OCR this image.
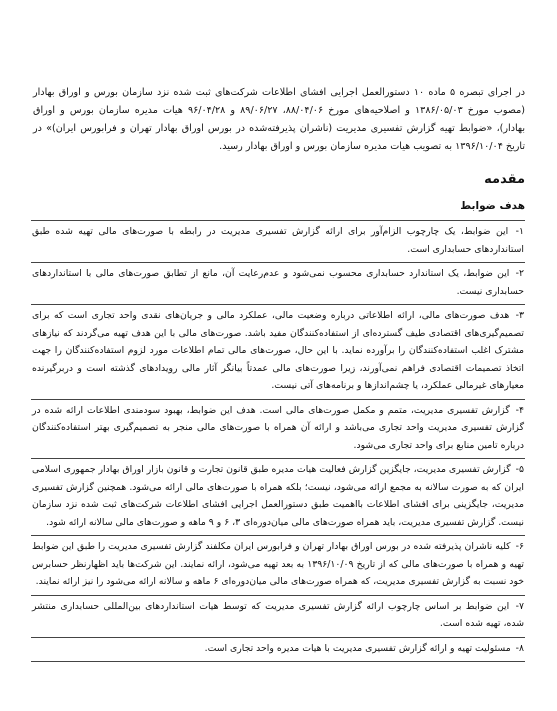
در اجرای تبصره ۵ ماده ۱۰ دستورالعمل اجرایی افشای اطلاعات شرکت‌های ثبت شده نزد سازمان بورس و اوراق بهادار (مصوب مورخ ۱۳۸۶/۰۵/۰۳ و اصلاحیه‌های مورخ ۸۸/۰۴/۰۶، ۸۹/۰۶/۲۷ و ۹۶/۰۴/۲۸ هیات مدیره سازمان بورس و اوراق بهادار)، «ضوابط تهیه گزارش تفسیری مدیریت (ناشران پذیرفته‌شده در بورس اوراق بهادار تهران و فرابورس ایران)» در تاریخ ۱۳۹۶/۱۰/۰۴ به تصویب هیات مدیره سازمان بورس و اوراق بهادار رسید.

مقدمه
هدف ضوابط
۱- این ضوابط، یک چارچوب الزام‌آور برای ارائه گزارش تفسیری مدیریت در رابطه با صورت‌های مالی تهیه شده طبق استانداردهای حسابداری است.
۲- این ضوابط، یک استاندارد حسابداری محسوب نمی‌شود و عدم‌رعایت آن، مانع از تطابق صورت‌های مالی با استانداردهای حسابداری نیست.
۳- هدف صورت‌های مالی، ارائه اطلاعاتی درباره وضعیت مالی، عملکرد مالی و جریان‌های نقدی واحد تجاری است که برای تصمیم‌گیری‌های اقتصادی طیف گسترده‌ای از استفاده‌کنندگان مفید باشد. صورت‌های مالی با این هدف تهیه می‌گردند که نیازهای مشترک اغلب استفاده‌کنندگان را برآورده نماید. با این حال، صورت‌های مالی تمام اطلاعات مورد لزوم استفاده‌کنندگان را جهت اتخاذ تصمیمات اقتصادی فراهم نمی‌آورند، زیرا صورت‌های مالی عمدتاً بیانگر آثار مالی رویدادهای گذشته است و دربرگیرنده معیارهای غیرمالی عملکرد، یا چشم‌اندازها و برنامه‌های آتی نیست.
۴- گزارش تفسیری مدیریت، متمم و مکمل صورت‌های مالی است. هدف این ضوابط، بهبود سودمندی اطلاعات ارائه شده در گزارش تفسیری مدیریت واحد تجاری می‌باشد و ارائه آن همراه با صورت‌های مالی منجر به تصمیم‌گیری بهتر استفاده‌کنندگان درباره تامین منابع برای واحد تجاری می‌شود.
۵- گزارش تفسیری مدیریت، جایگزین گزارش فعالیت هیات مدیره طبق قانون تجارت و قانون بازار اوراق بهادار جمهوری اسلامی ایران که به صورت سالانه به مجمع ارائه می‌شود، نیست؛ بلکه همراه با صورت‌های مالی ارائه می‌شود. همچنین گزارش تفسیری مدیریت، جایگزینی برای افشای اطلاعات بااهمیت طبق دستورالعمل اجرایی افشای اطلاعات شرکت‌های ثبت شده نزد سازمان نیست. گزارش تفسیری مدیریت، باید همراه صورت‌های مالی میان‌دوره‌ای ۳، ۶ و ۹ ماهه و صورت‌های مالی سالانه ارائه شود.
۶- کلیه ناشران پذیرفته شده در بورس اوراق بهادار تهران و فرابورس ایران مکلفند گزارش تفسیری مدیریت را طبق این ضوابط تهیه و همراه با صورت‌های مالی که از تاریخ ۱۳۹۶/۱۰/۰۹ به بعد تهیه می‌شود، ارائه نمایند. این شرکت‌ها باید اظهارنظر حسابرس خود نسبت به گزارش تفسیری مدیریت، که همراه صورت‌های مالی میان‌دوره‌ای ۶ ماهه و سالانه ارائه می‌شود را نیز ارائه نمایند.
۷- این ضوابط بر اساس چارچوب ارائه گزارش تفسیری مدیریت که توسط هیات استانداردهای بین‌المللی حسابداری منتشر شده، تهیه شده است.
۸- مسئولیت تهیه و ارائه گزارش تفسیری مدیریت با هیات مدیره واحد تجاری است.
